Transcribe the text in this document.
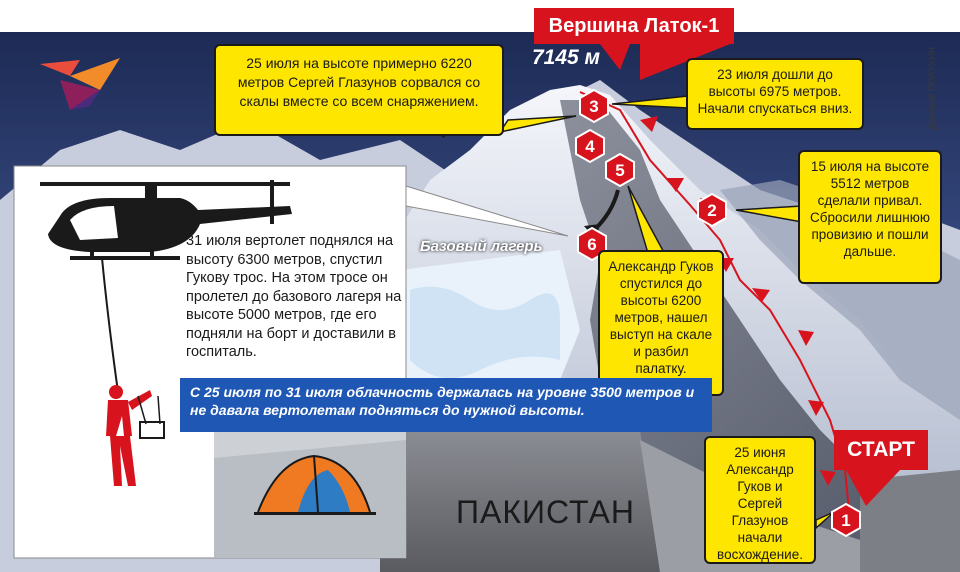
1
2
3
4
5
6
Вершина Латок-1
7145 м
Базовый лагерь
ПАКИСТАН
Дмитрий ПОЛУХИН
25 июля на высоте примерно 6220 метров Сергей Глазунов сорвался со скалы вместе со всем снаряжением.
23 июля дошли до высоты 6975 метров. Начали спускаться вниз.
15 июля на высоте 5512 метров сделали привал. Сбросили лишнюю провизию и пошли дальше.
Александр Гуков спустился до высоты 6200 метров, нашел выступ на скале и разбил палатку.
25 июня Александр Гуков и Сергей Глазунов начали восхождение.
31 июля вертолет поднялся на высоту 6300 метров, спустил Гукову трос. На этом тросе он пролетел до базового лагеря на высоте 5000 метров, где его подняли на борт и доставили в госпиталь.
С 25 июля по 31 июля облачность держалась на уровне 3500 метров и не давала вертолетам подняться до нужной высоты.
СТАРТ
